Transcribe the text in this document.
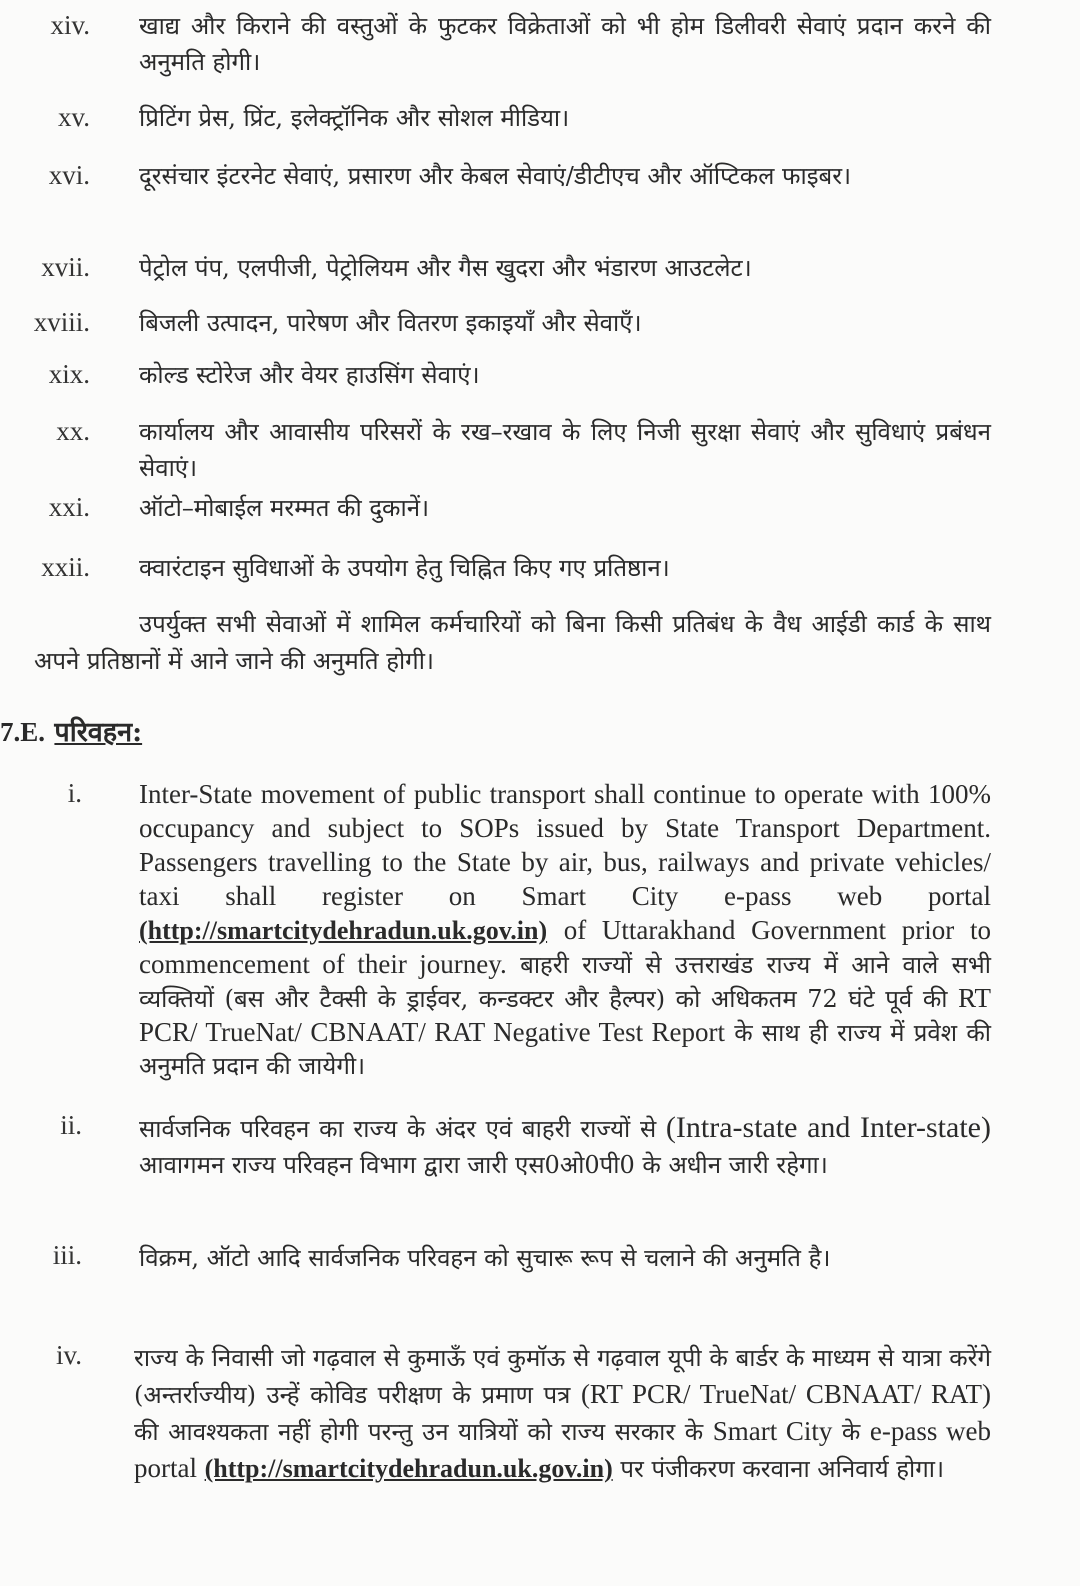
xiv. खाद्य और किराने की वस्तुओं के फुटकर विक्रेताओं को भी होम डिलीवरी सेवाएं प्रदान करने की अनुमति होगी।
xv. प्रिटिंग प्रेस, प्रिंट, इलेक्ट्रॉनिक और सोशल मीडिया।
xvi. दूरसंचार इंटरनेट सेवाएं, प्रसारण और केबल सेवाएं/डीटीएच और ऑप्टिकल फाइबर।
xvii. पेट्रोल पंप, एलपीजी, पेट्रोलियम और गैस खुदरा और भंडारण आउटलेट।
xviii. बिजली उत्पादन, पारेषण और वितरण इकाइयाँ और सेवाएँ।
xix. कोल्ड स्टोरेज और वेयर हाउसिंग सेवाएं।
xx. कार्यालय और आवासीय परिसरों के रख–रखाव के लिए निजी सुरक्षा सेवाएं और सुविधाएं प्रबंधन सेवाएं।
xxi. ऑटो–मोबाईल मरम्मत की दुकानें।
xxii. क्वारंटाइन सुविधाओं के उपयोग हेतु चिह्नित किए गए प्रतिष्ठान।
उपर्युक्त सभी सेवाओं में शामिल कर्मचारियों को बिना किसी प्रतिबंध के वैध आईडी कार्ड के साथ अपने प्रतिष्ठानों में आने जाने की अनुमति होगी।
7.E. परिवहन:
i. Inter-State movement of public transport shall continue to operate with 100% occupancy and subject to SOPs issued by State Transport Department. Passengers travelling to the State by air, bus, railways and private vehicles/ taxi shall register on Smart City e-pass web portal (http://smartcitydehradun.uk.gov.in) of Uttarakhand Government prior to commencement of their journey. बाहरी राज्यों से उत्तराखंड राज्य में आने वाले सभी व्यक्तियों (बस और टैक्सी के ड्राईवर, कन्डक्टर और हैल्पर) को अधिकतम 72 घंटे पूर्व की RT PCR/ TrueNat/ CBNAAT/ RAT Negative Test Report के साथ ही राज्य में प्रवेश की अनुमति प्रदान की जायेगी।
ii. सार्वजनिक परिवहन का राज्य के अंदर एवं बाहरी राज्यों से (Intra-state and Inter-state) आवागमन राज्य परिवहन विभाग द्वारा जारी एस0ओ0पी0 के अधीन जारी रहेगा।
iii. विक्रम, ऑटो आदि सार्वजनिक परिवहन को सुचारू रूप से चलाने की अनुमति है।
iv. राज्य के निवासी जो गढ़वाल से कुमाऊँ एवं कुमॉऊ से गढ़वाल यूपी के बार्डर के माध्यम से यात्रा करेंगे (अन्तर्राज्यीय) उन्हें कोविड परीक्षण के प्रमाण पत्र (RT PCR/ TrueNat/ CBNAAT/ RAT) की आवश्यकता नहीं होगी परन्तु उन यात्रियों को राज्य सरकार के Smart City के e-pass web portal (http://smartcitydehradun.uk.gov.in) पर पंजीकरण करवाना अनिवार्य होगा।
